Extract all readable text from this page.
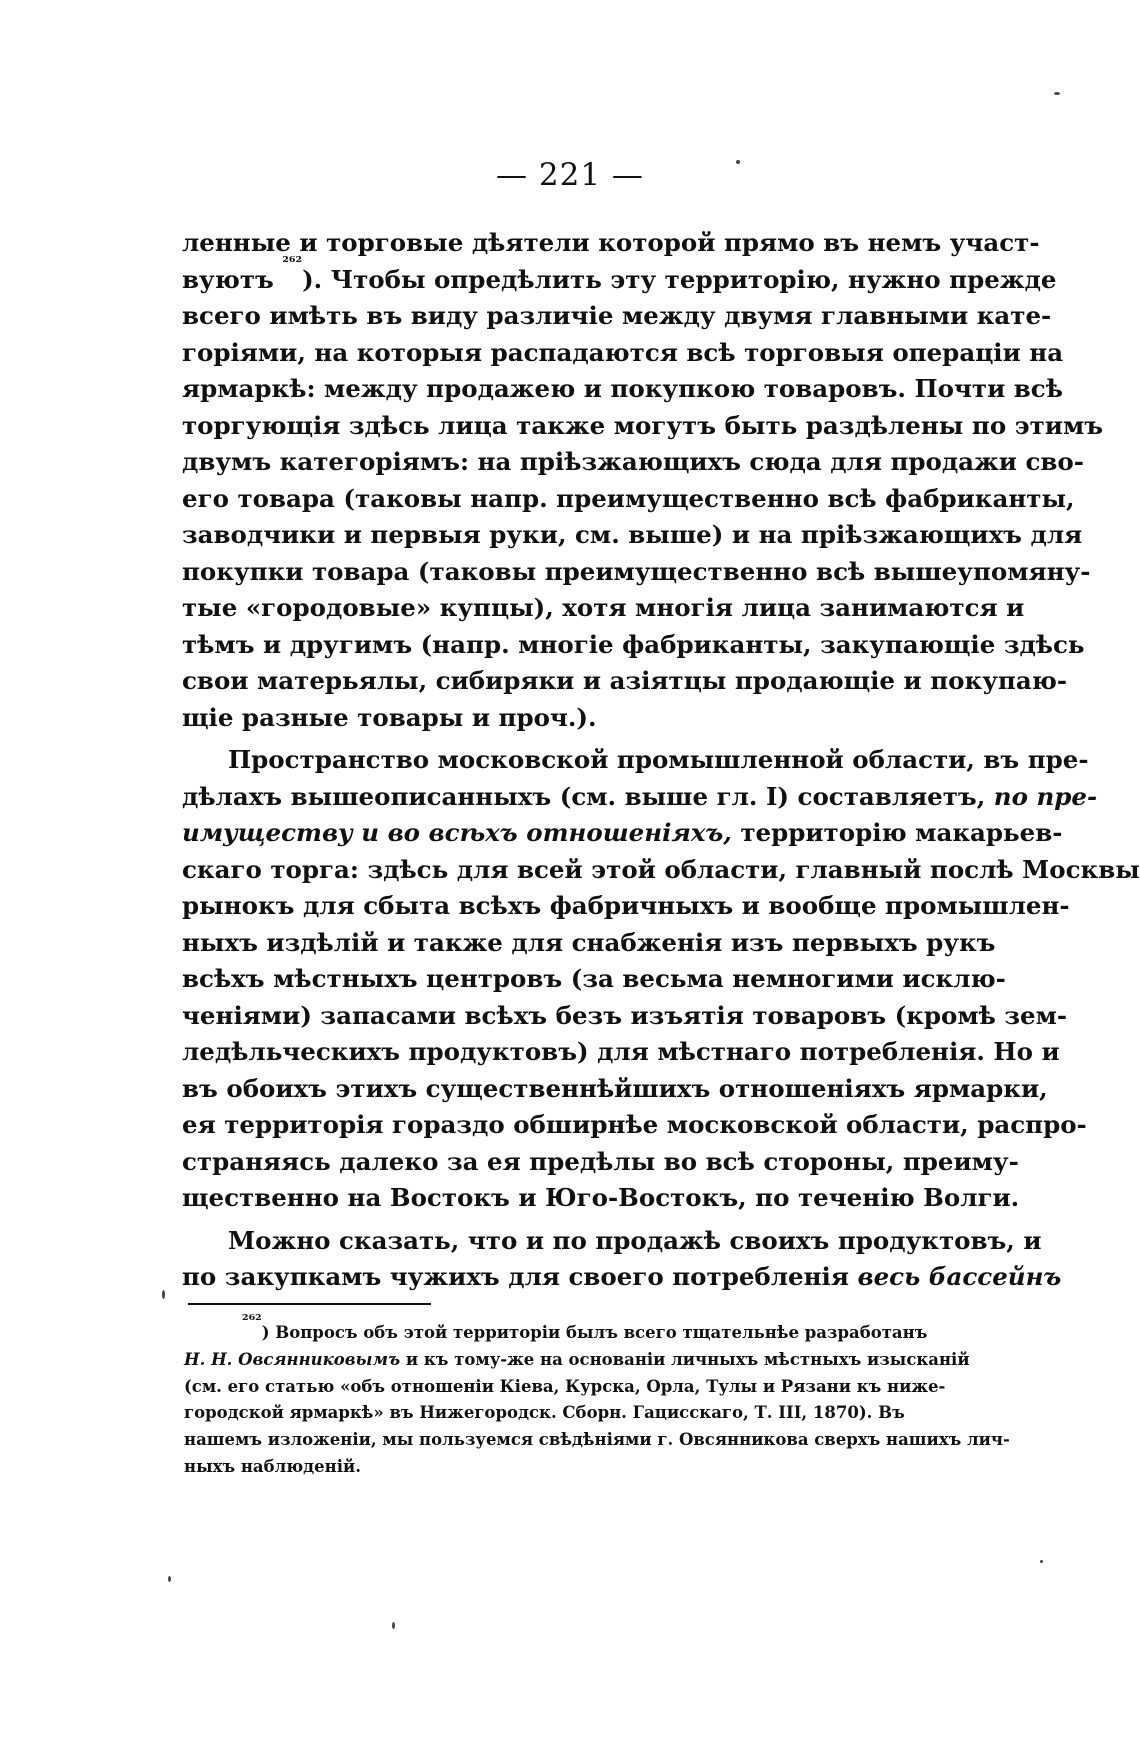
— 221 —
ленные и торговые дѣятели которой прямо въ немъ участ-
вуютъ

²⁶²
). Чтобы опредѣлить эту территорію, нужно прежде
всего имѣть въ виду различіе между двумя главными кате-
горіями, на которыя распадаются всѣ торговыя операціи на
ярмаркѣ: между продажею и покупкою товаровъ. Почти всѣ
торгующія здѣсь лица также могутъ быть раздѣлены по этимъ
двумъ категоріямъ: на пріѣзжающихъ сюда для продажи сво-
его товара (таковы напр. преимущественно всѣ фабриканты,
заводчики и первыя руки, см. выше) и на пріѣзжающихъ для
покупки товара (таковы преимущественно всѣ вышеупомяну-
тые «городовые» купцы), хотя многія лица занимаются и
тѣмъ и другимъ (напр. многіе фабриканты, закупающіе здѣсь
свои матерьялы, сибиряки и азіятцы продающіе и покупаю-
щіе разные товары и проч.).
Пространство московской промышленной области, въ пре-
дѣлахъ вышеописанныхъ (см. выше гл. I) составляетъ,
по пре-
имуществу и во всѣхъ отношеніяхъ,
территорію макарьев-
скаго торга: здѣсь для всей этой области, главный послѣ Москвы
рынокъ для сбыта всѣхъ фабричныхъ и вообще промышлен-
ныхъ издѣлій и также для снабженія изъ первыхъ рукъ
всѣхъ мѣстныхъ центровъ (за весьма немногими исклю-
ченіями) запасами всѣхъ безъ изъятія товаровъ (кромѣ зем-
ледѣльческихъ продуктовъ) для мѣстнаго потребленія. Но и
въ обоихъ этихъ существеннѣйшихъ отношеніяхъ ярмарки,
ея территорія гораздо обширнѣе московской области, распро-
страняясь далеко за ея предѣлы во всѣ стороны, преиму-
щественно на Востокъ и Юго-Востокъ, по теченію Волги.
Можно сказать, что и по продажѣ своихъ продуктовъ, и
по закупкамъ чужихъ для своего потребленія
весь бассейнъ
²⁶²
) Вопросъ объ этой территоріи былъ всего тщательнѣе разработанъ
Н. Н. Овсянниковымъ
и къ тому-же на основаніи личныхъ мѣстныхъ изысканій
(см. его статью «объ отношеніи Кіева, Курска, Орла, Тулы и Рязани къ ниже-
городской ярмаркѣ» въ Нижегородск. Сборн. Гацисскаго, Т. III, 1870). Въ
нашемъ изложеніи, мы пользуемся свѣдѣніями г. Овсянникова сверхъ нашихъ лич-
ныхъ наблюденій.
